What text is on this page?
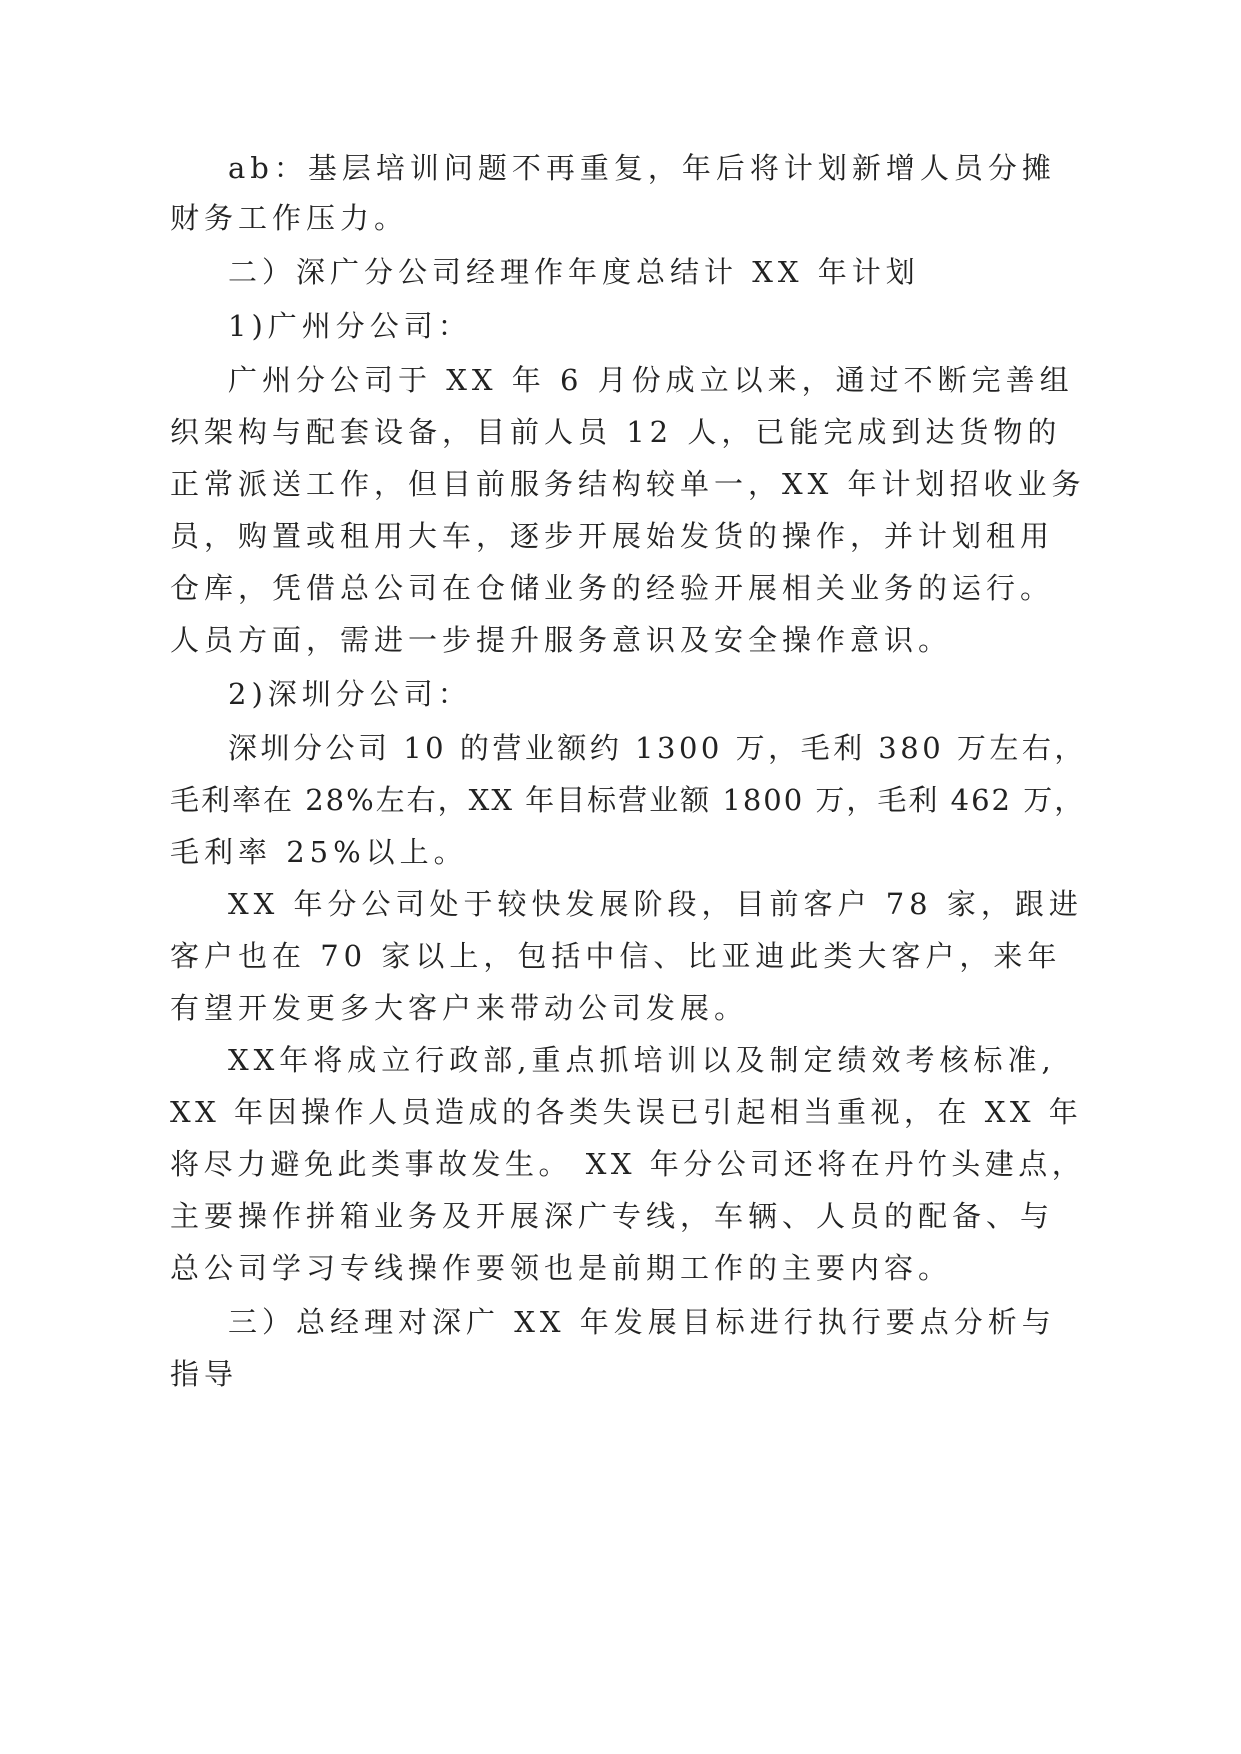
ab：基层培训问题不再重复，年后将计划新增人员分摊

财务工作压力。

二）深广分公司经理作年度总结计 XX 年计划

1)广州分公司：

广州分公司于 XX 年 6 月份成立以来，通过不断完善组

织架构与配套设备，目前人员 12 人，已能完成到达货物的

正常派送工作，但目前服务结构较单一，XX 年计划招收业务

员，购置或租用大车，逐步开展始发货的操作，并计划租用

仓库，凭借总公司在仓储业务的经验开展相关业务的运行。

人员方面，需进一步提升服务意识及安全操作意识。

2)深圳分公司：

深圳分公司 10 的营业额约 1300 万，毛利 380 万左右，

毛利率在 28%左右，XX 年目标营业额 1800 万，毛利 462 万，

毛利率 25%以上。

XX 年分公司处于较快发展阶段，目前客户 78 家，跟进

客户也在 70 家以上，包括中信、比亚迪此类大客户，来年

有望开发更多大客户来带动公司发展。

XX年将成立行政部,重点抓培训以及制定绩效考核标准,

XX 年因操作人员造成的各类失误已引起相当重视，在 XX 年

将尽力避免此类事故发生。 XX 年分公司还将在丹竹头建点，

主要操作拼箱业务及开展深广专线，车辆、人员的配备、与

总公司学习专线操作要领也是前期工作的主要内容。

三）总经理对深广 XX 年发展目标进行执行要点分析与

指导
